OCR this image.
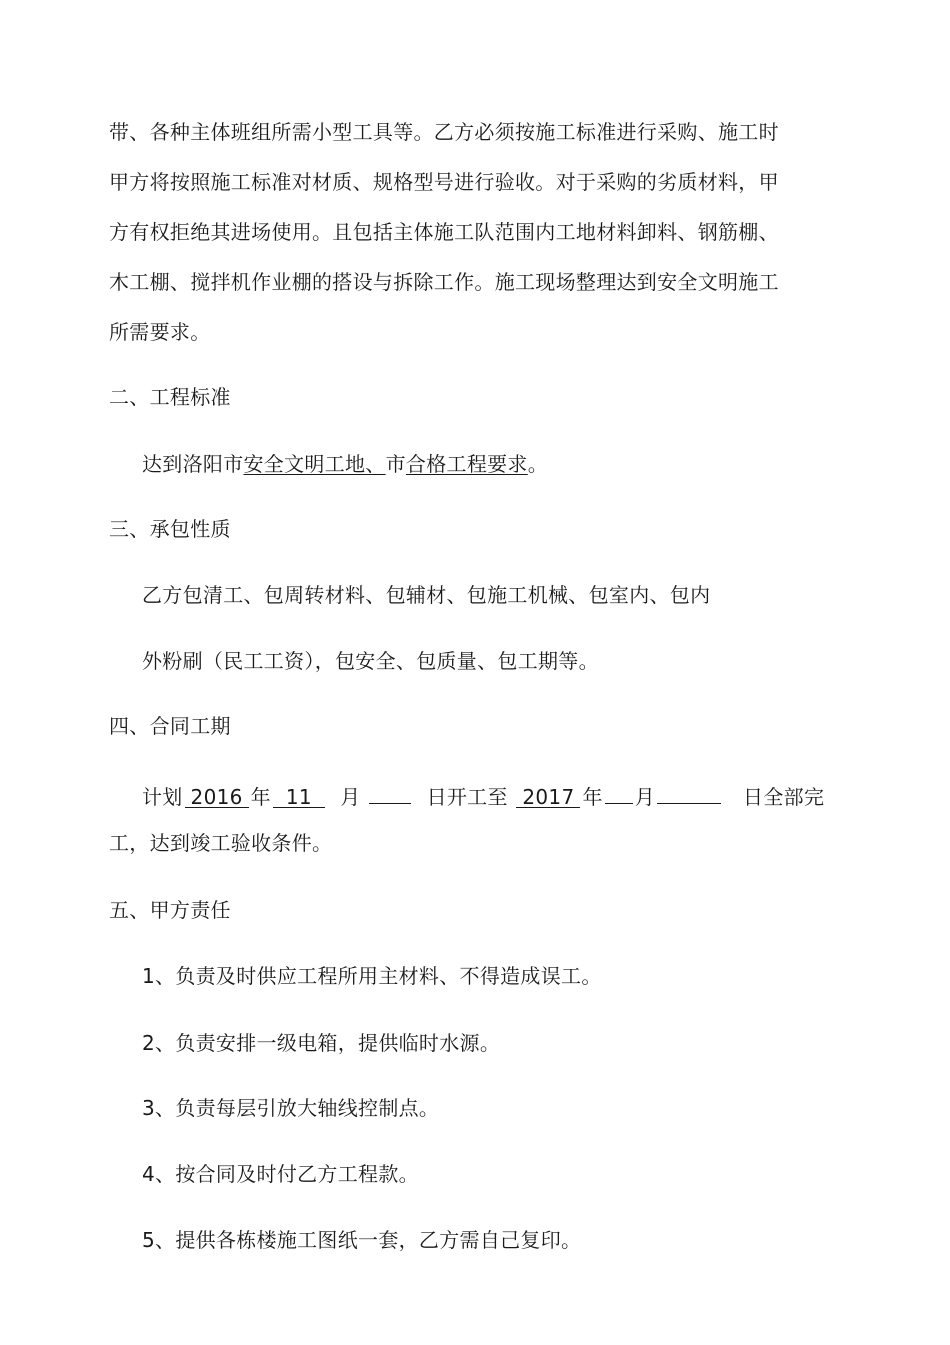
带、各种主体班组所需小型工具等。乙方必须按施工标准进行采购、施工时
甲方将按照施工标准对材质、规格型号进行验收。对于采购的劣质材料，甲
方有权拒绝其进场使用。且包括主体施工队范围内工地材料卸料、钢筋棚、
木工棚、搅拌机作业棚的搭设与拆除工作。施工现场整理达到安全文明施工
所需要求。
二、工程标准
达到洛阳市安全文明工地、市合格工程要求。
三、承包性质
乙方包清工、包周转材料、包辅材、包施工机械、包室内、包内
外粉刷（民工工资），包安全、包质量、包工期等。
四、合同工期
计划 2016 年 11 月	日开工至 2017 年 月	日全部完
工，达到竣工验收条件。
五、甲方责任
1、负责及时供应工程所用主材料、不得造成误工。
2、负责安排一级电箱，提供临时水源。
3、负责每层引放大轴线控制点。
4、按合同及时付乙方工程款。
5、提供各栋楼施工图纸一套，乙方需自己复印。
